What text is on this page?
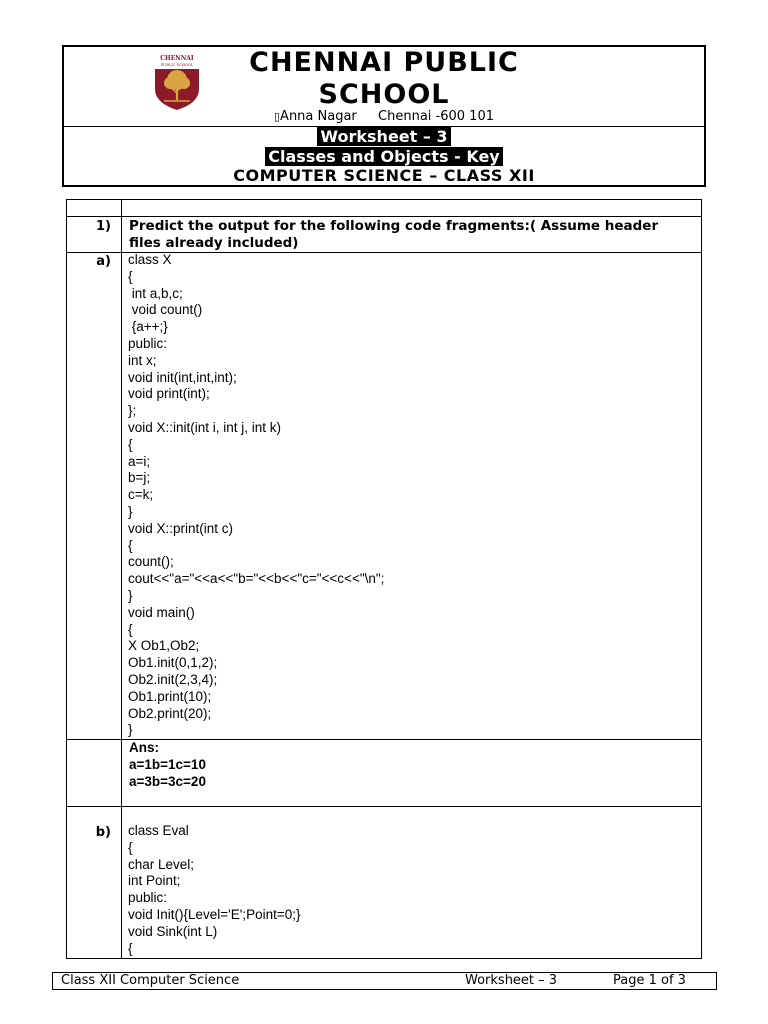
CHENNAI
PUBLIC SCHOOL	CHENNAI PUBLIC
SCHOOL
▯Anna Nagar   Chennai -600 101
Worksheet – 3
Classes and Objects - Key
COMPUTER SCIENCE – CLASS XII
1) Predict the output for the following code fragments:( Assume header files already included)
a) class X
{
int a,b,c;
void count()
{a++;}
public:
int x;
void init(int,int,int);
void print(int);
};
void X::init(int i, int j, int k)
{
a=i;
b=j;
c=k;
}
void X::print(int c)
{
count();
cout<<"a="<<a<<"b="<<b<<"c="<<c<<"\n";
}
void main()
{
X Ob1,Ob2;
Ob1.init(0,1,2);
Ob2.init(2,3,4);
Ob1.print(10);
Ob2.print(20);
}
Ans:
a=1b=1c=10
a=3b=3c=20
b) class Eval
{
char Level;
int Point;
public:
void Init(){Level='E';Point=0;}
void Sink(int L)
{
Class XII Computer Science	Worksheet – 3	Page 1 of 3
